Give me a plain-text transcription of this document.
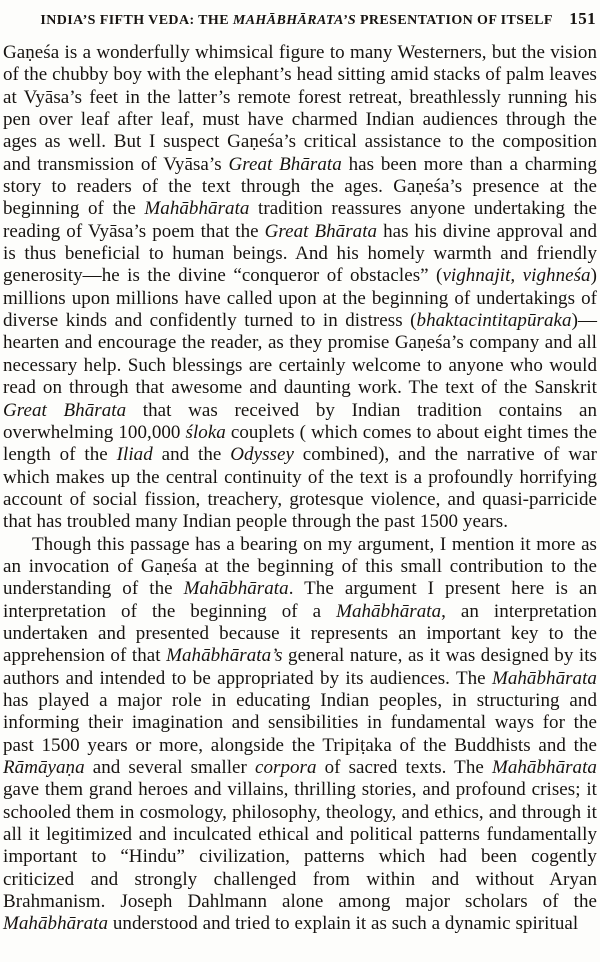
INDIA’S FIFTH VEDA: THE MAHĀBHĀRATA’S PRESENTATION OF ITSELF 151

Gaṇeśa is a wonderfully whimsical figure to many Westerners, but the vision of the chubby boy with the elephant’s head sitting amid stacks of palm leaves at Vyāsa’s feet in the latter’s remote forest retreat, breathlessly running his pen over leaf after leaf, must have charmed Indian audiences through the ages as well. But I suspect Gaṇeśa’s critical assistance to the composition and transmission of Vyāsa’s Great Bhārata has been more than a charming story to readers of the text through the ages. Gaṇeśa’s presence at the beginning of the Mahābhārata tradition reassures anyone undertaking the reading of Vyāsa’s poem that the Great Bhārata has his divine approval and is thus beneficial to human beings. And his homely warmth and friendly generosity—he is the divine “conqueror of obstacles” (vighnajit, vighneśa) millions upon millions have called upon at the beginning of undertakings of diverse kinds and confidently turned to in distress (bhaktacintitapūraka)—hearten and encourage the reader, as they promise Gaṇeśa’s company and all necessary help. Such blessings are certainly welcome to anyone who would read on through that awesome and daunting work. The text of the Sanskrit Great Bhārata that was received by Indian tradition contains an overwhelming 100,000 śloka couplets ( which comes to about eight times the length of the Iliad and the Odyssey combined), and the narrative of war which makes up the central continuity of the text is a profoundly horrifying account of social fission, treachery, grotesque violence, and quasi-parricide that has troubled many Indian people through the past 1500 years.

Though this passage has a bearing on my argument, I mention it more as an invocation of Gaṇeśa at the beginning of this small contribution to the understanding of the Mahābhārata. The argument I present here is an interpretation of the beginning of a Mahābhārata, an interpretation undertaken and presented because it represents an important key to the apprehension of that Mahābhārata’s general nature, as it was designed by its authors and intended to be appropriated by its audiences. The Mahābhārata has played a major role in educating Indian peoples, in structuring and informing their imagination and sensibilities in fundamental ways for the past 1500 years or more, alongside the Tripiṭaka of the Buddhists and the Rāmāyaṇa and several smaller corpora of sacred texts. The Mahābhārata gave them grand heroes and villains, thrilling stories, and profound crises; it schooled them in cosmology, philosophy, theology, and ethics, and through it all it legitimized and inculcated ethical and political patterns fundamentally important to “Hindu” civilization, patterns which had been cogently criticized and strongly challenged from within and without Aryan Brahmanism. Joseph Dahlmann alone among major scholars of the Mahābhārata understood and tried to explain it as such a dynamic spiritual
